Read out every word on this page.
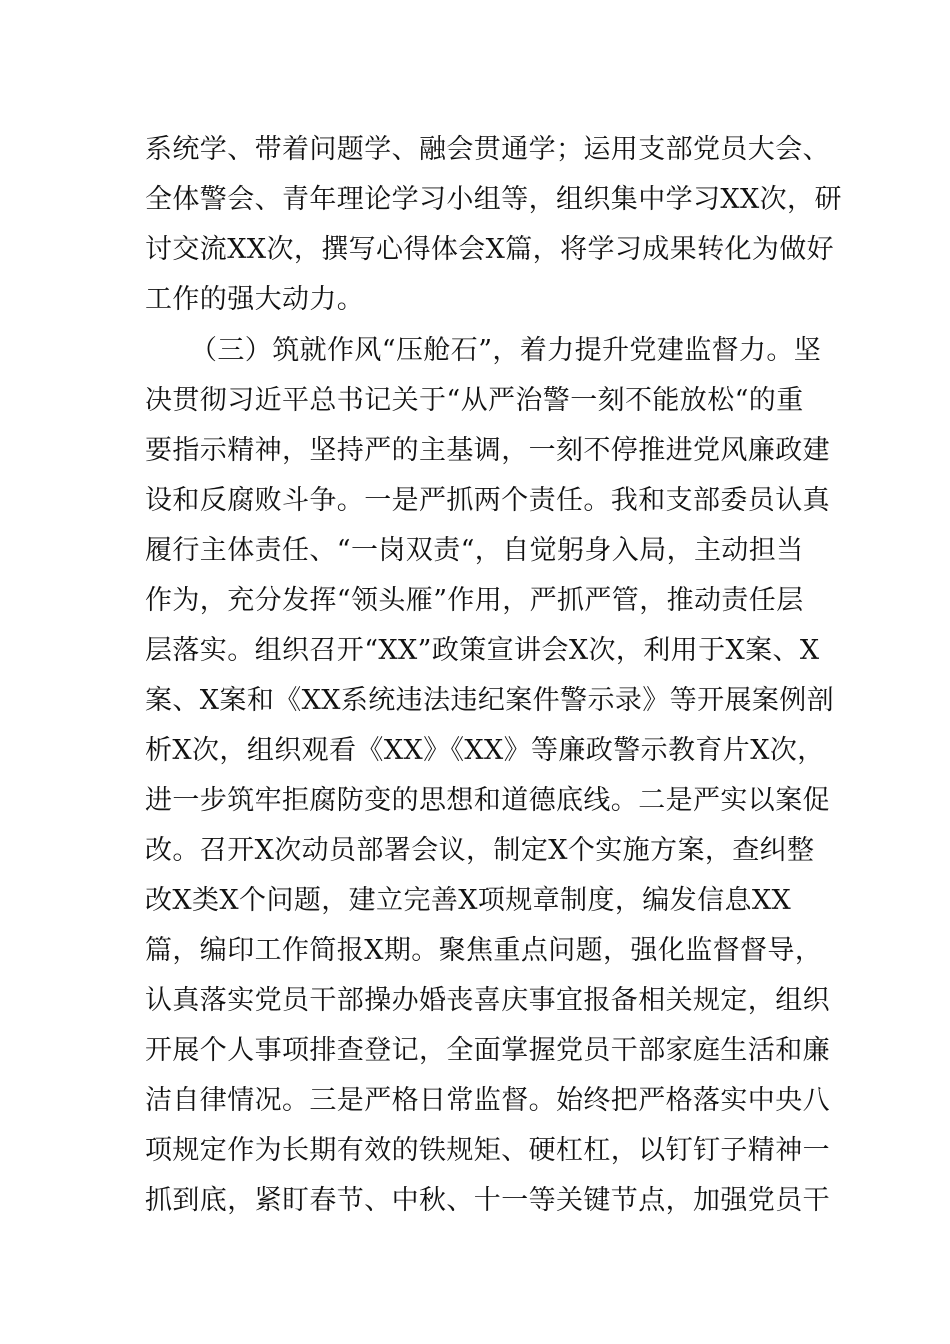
系统学、带着问题学、融会贯通学；运用支部党员大会、
全体警会、青年理论学习小组等，组织集中学习XX次，研
讨交流XX次，撰写心得体会X篇，将学习成果转化为做好
工作的强大动力。
（三）筑就作风“压舱石”，着力提升党建监督力。坚
决贯彻习近平总书记关于“从严治警一刻不能放松“的重
要指示精神，坚持严的主基调，一刻不停推进党风廉政建
设和反腐败斗争。一是严抓两个责任。我和支部委员认真
履行主体责任、“一岗双责“，自觉躬身入局，主动担当
作为，充分发挥“领头雁”作用，严抓严管，推动责任层
层落实。组织召开“XX”政策宣讲会X次，利用于X案、X
案、X案和《XX系统违法违纪案件警示录》等开展案例剖
析X次，组织观看《XX》《XX》等廉政警示教育片X次，
进一步筑牢拒腐防变的思想和道德底线。二是严实以案促
改。召开X次动员部署会议，制定X个实施方案，查纠整
改X类X个问题，建立完善X项规章制度，编发信息XX
篇，编印工作简报X期。聚焦重点问题，强化监督督导，
认真落实党员干部操办婚丧喜庆事宜报备相关规定，组织
开展个人事项排查登记，全面掌握党员干部家庭生活和廉
洁自律情况。三是严格日常监督。始终把严格落实中央八
项规定作为长期有效的铁规矩、硬杠杠，以钉钉子精神一
抓到底，紧盯春节、中秋、十一等关键节点，加强党员干
